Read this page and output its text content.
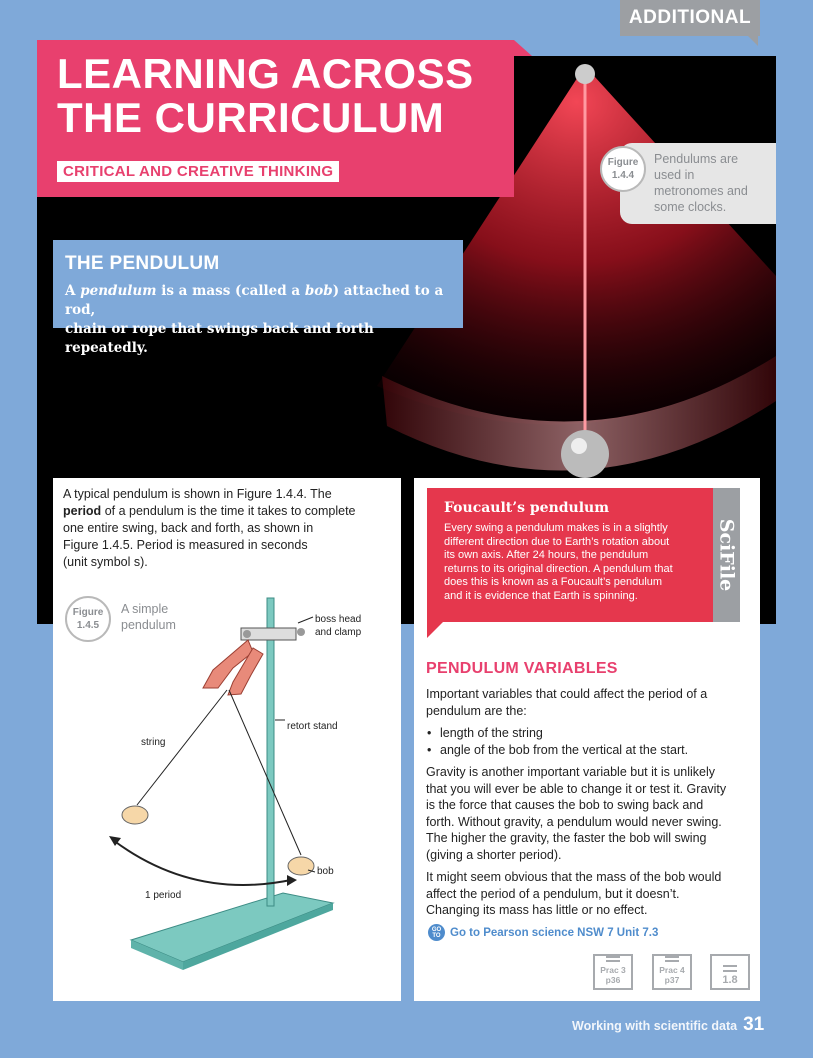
ADDITIONAL
LEARNING ACROSS
THE CURRICULUM
CRITICAL AND CREATIVE THINKING
Figure
1.4.4
Pendulums are
used in
metronomes and
some clocks.
THE PENDULUM
A pendulum is a mass (called a bob) attached to a rod,
chain or rope that swings back and forth repeatedly.
A typical pendulum is shown in Figure 1.4.4. The
period of a pendulum is the time it takes to complete
one entire swing, back and forth, as shown in
Figure 1.4.5. Period is measured in seconds
(unit symbol s).
Figure
1.4.5
A simple
pendulum	boss head
and clamp
retort stand
string
bob
1 period
SciFile
Foucault’s pendulum
Every swing a pendulum makes is in a slightly
different direction due to Earth’s rotation about
its own axis. After 24 hours, the pendulum
returns to its original direction. A pendulum that
does this is known as a Foucault’s pendulum
and it is evidence that Earth is spinning.
PENDULUM VARIABLES

Important variables that could affect the period of a
pendulum are the:

• length of the string
• angle of the bob from the vertical at the start.

Gravity is another important variable but it is unlikely
that you will ever be able to change it or test it. Gravity
is the force that causes the bob to swing back and
forth. Without gravity, a pendulum would never swing.
The higher the gravity, the faster the bob will swing
(giving a shorter period).

It might seem obvious that the mass of the bob would
affect the period of a pendulum, but it doesn’t.
Changing its mass has little or no effect.

GO
TO Go to Pearson science NSW 7 Unit 7.3
Prac 3
p36
Prac 4
p37	1.8
Working with scientific data 31
